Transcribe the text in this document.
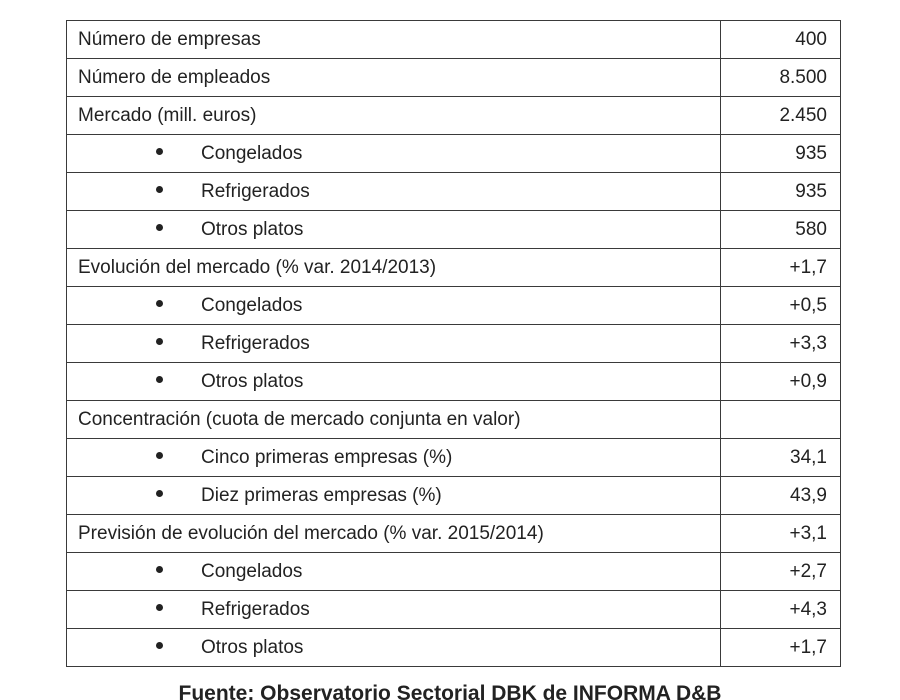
Número de empresas	400
Número de empleados	8.500
Mercado (mill. euros)	2.450
Congelados	935
Refrigerados	935
Otros platos	580
Evolución del mercado (% var. 2014/2013)	+1,7
Congelados	+0,5
Refrigerados	+3,3
Otros platos	+0,9
Concentración (cuota de mercado conjunta en valor)	
Cinco primeras empresas (%)	34,1
Diez primeras empresas (%)	43,9
Previsión de evolución del mercado (% var. 2015/2014)	+3,1
Congelados	+2,7
Refrigerados	+4,3
Otros platos	+1,7
Fuente: Observatorio Sectorial DBK de INFORMA D&B
